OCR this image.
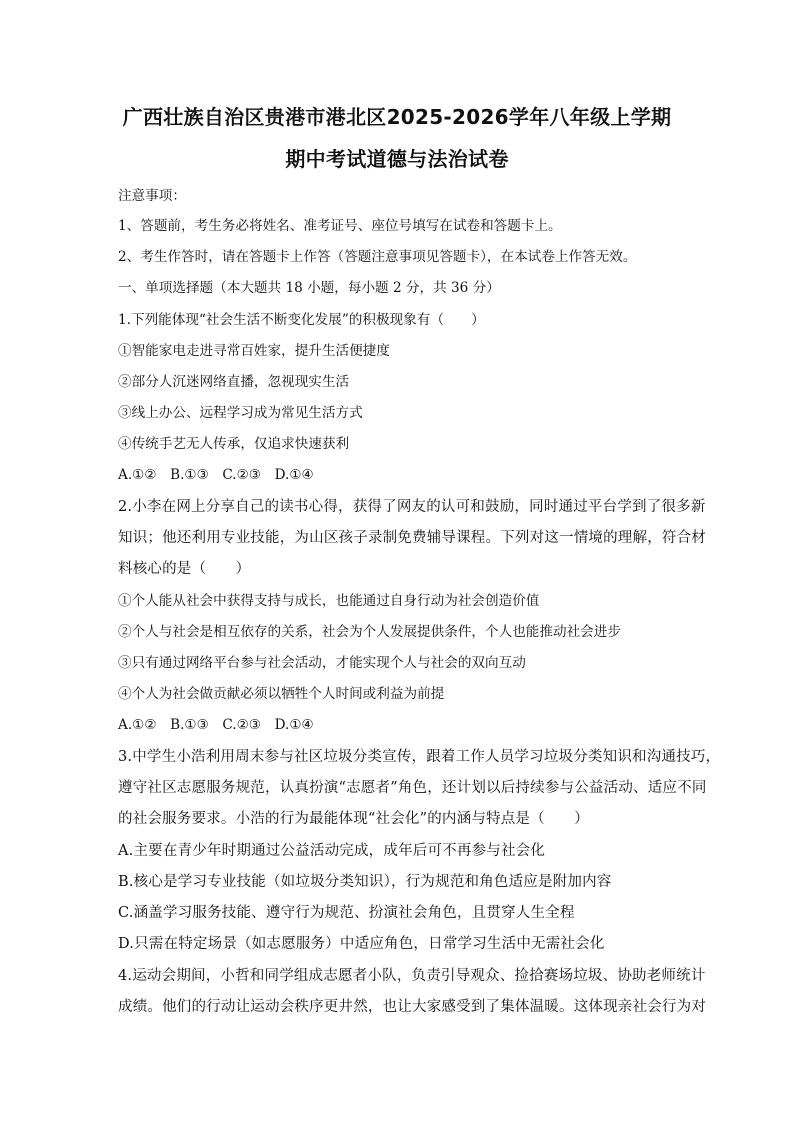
广西壮族自治区贵港市港北区2025-2026学年八年级上学期
期中考试道德与法治试卷
注意事项：
1、答题前，考生务必将姓名、准考证号、座位号填写在试卷和答题卡上。
2、考生作答时，请在答题卡上作答（答题注意事项见答题卡），在本试卷上作答无效。
一、单项选择题（本大题共 18 小题，每小题 2 分，共 36 分）
1.下列能体现“社会生活不断变化发展”的积极现象有（　　）
①智能家电走进寻常百姓家，提升生活便捷度
②部分人沉迷网络直播，忽视现实生活
③线上办公、远程学习成为常见生活方式
④传统手艺无人传承，仅追求快速获利
A.①②　B.①③　C.②③　D.①④
2.小李在网上分享自己的读书心得，获得了网友的认可和鼓励，同时通过平台学到了很多新
知识；他还利用专业技能，为山区孩子录制免费辅导课程。下列对这一情境的理解，符合材
料核心的是（　　）
①个人能从社会中获得支持与成长，也能通过自身行动为社会创造价值
②个人与社会是相互依存的关系，社会为个人发展提供条件，个人也能推动社会进步
③只有通过网络平台参与社会活动，才能实现个人与社会的双向互动
④个人为社会做贡献必须以牺牲个人时间或利益为前提
A.①②　B.①③　C.②③　D.①④
3.中学生小浩利用周末参与社区垃圾分类宣传，跟着工作人员学习垃圾分类知识和沟通技巧，
遵守社区志愿服务规范，认真扮演“志愿者”角色，还计划以后持续参与公益活动、适应不同
的社会服务要求。小浩的行为最能体现“社会化”的内涵与特点是（　　）
A.主要在青少年时期通过公益活动完成，成年后可不再参与社会化
B.核心是学习专业技能（如垃圾分类知识），行为规范和角色适应是附加内容
C.涵盖学习服务技能、遵守行为规范、扮演社会角色，且贯穿人生全程
D.只需在特定场景（如志愿服务）中适应角色，日常学习生活中无需社会化
4.运动会期间，小哲和同学组成志愿者小队，负责引导观众、捡拾赛场垃圾、协助老师统计
成绩。他们的行动让运动会秩序更井然，也让大家感受到了集体温暖。这体现亲社会行为对
